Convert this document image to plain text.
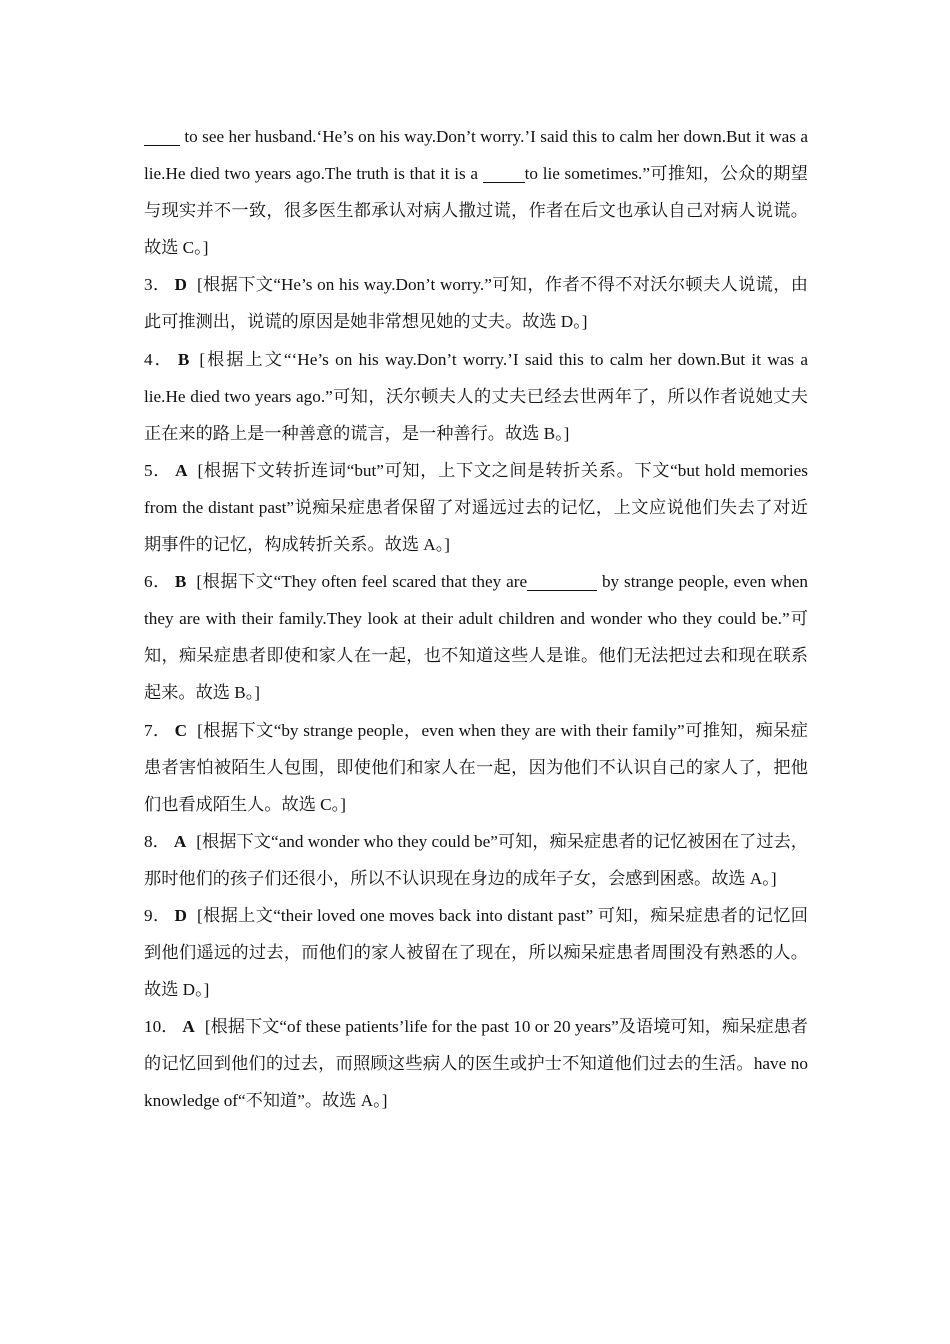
to see her husband.‘He’s on his way.Don’t worry.’I said this to calm her down.But it was a lie.He died two years ago.The truth is that it is a to lie sometimes.”可推知，公众的期望与现实并不一致，很多医生都承认对病人撒过谎，作者在后文也承认自己对病人说谎。故选 C。]

3． D [根据下文“He’s on his way.Don’t worry.”可知，作者不得不对沃尔顿夫人说谎，由此可推测出，说谎的原因是她非常想见她的丈夫。故选 D。]

4． B [根据上文“‘He’s on his way.Don’t worry.’I said this to calm her down.But it was a lie.He died two years ago.”可知，沃尔顿夫人的丈夫已经去世两年了，所以作者说她丈夫正在来的路上是一种善意的谎言，是一种善行。故选 B。]

5． A [根据下文转折连词“but”可知，上下文之间是转折关系。下文“but hold memories from the distant past”说痴呆症患者保留了对遥远过去的记忆，上文应说他们失去了对近期事件的记忆，构成转折关系。故选 A。]

6． B [根据下文“They often feel scared that they are	by strange people, even when they are with their family.They look at their adult children and wonder who they could be.”可知，痴呆症患者即使和家人在一起，也不知道这些人是谁。他们无法把过去和现在联系起来。故选 B。]

7． C [根据下文“by strange people，even when they are with their family”可推知，痴呆症患者害怕被陌生人包围，即使他们和家人在一起，因为他们不认识自己的家人了，把他们也看成陌生人。故选 C。]

8． A [根据下文“and wonder who they could be”可知，痴呆症患者的记忆被困在了过去，那时他们的孩子们还很小，所以不认识现在身边的成年子女，会感到困惑。故选 A。]

9． D [根据上文“their loved one moves back into distant past” 可知，痴呆症患者的记忆回到他们遥远的过去，而他们的家人被留在了现在，所以痴呆症患者周围没有熟悉的人。故选 D。]

10． A [根据下文“of these patients’life for the past 10 or 20 years”及语境可知，痴呆症患者的记忆回到他们的过去，而照顾这些病人的医生或护士不知道他们过去的生活。have no knowledge of“不知道”。故选 A。]
